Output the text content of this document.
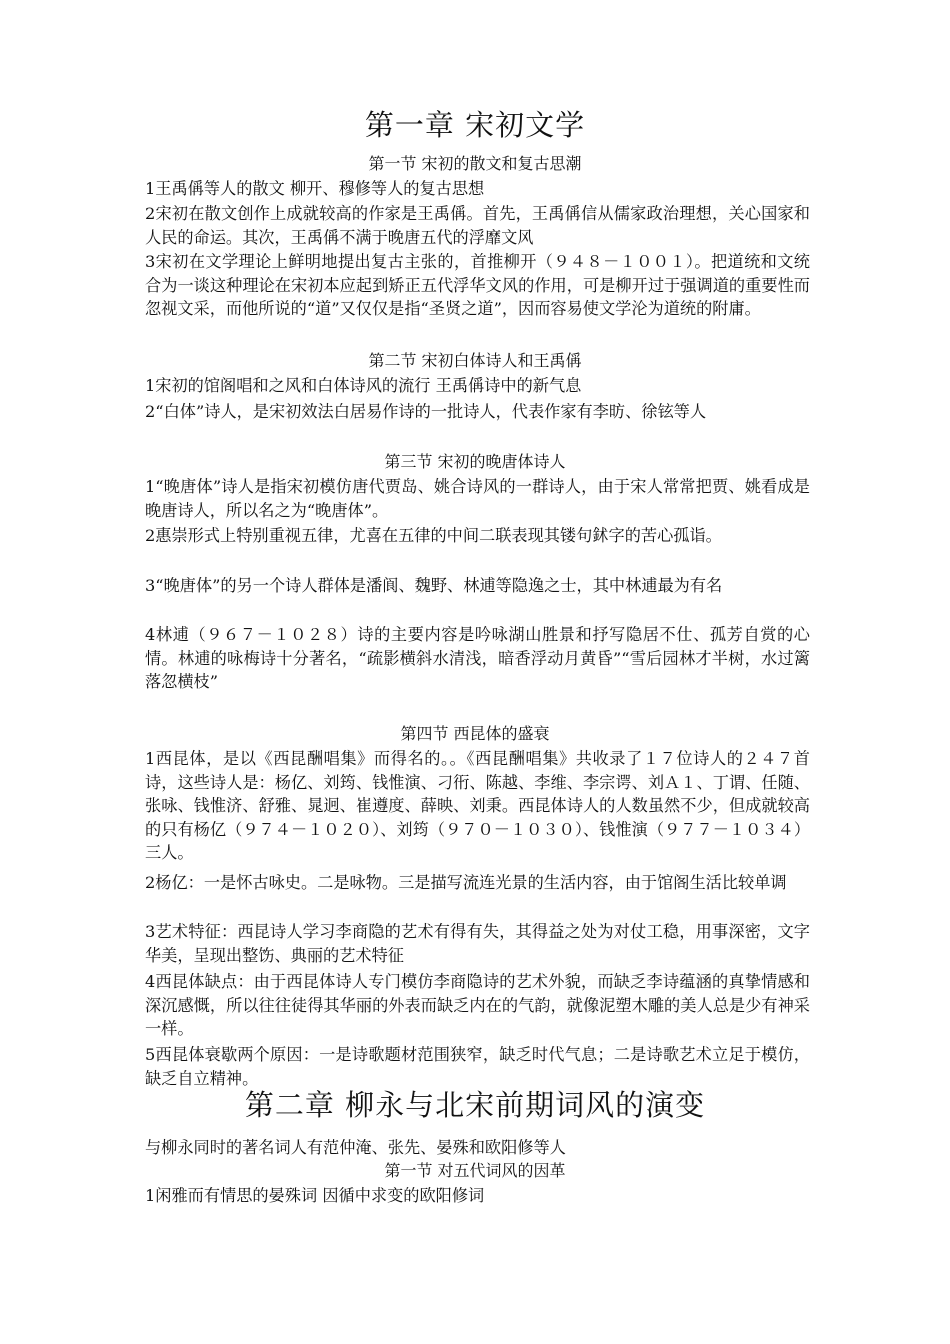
第一章 宋初文学
第一节 宋初的散文和复古思潮
1王禹偁等人的散文 柳开、穆修等人的复古思想
2宋初在散文创作上成就较高的作家是王禹偁。首先，王禹偁信从儒家政治理想，关心国家和人民的命运。其次，王禹偁不满于晚唐五代的浮靡文风
3宋初在文学理论上鲜明地提出复古主张的，首推柳开（９４８－１００１）。把道统和文统合为一谈这种理论在宋初本应起到矫正五代浮华文风的作用，可是柳开过于强调道的重要性而忽视文采，而他所说的“道”又仅仅是指“圣贤之道”，因而容易使文学沦为道统的附庸。
第二节 宋初白体诗人和王禹偁
1宋初的馆阁唱和之风和白体诗风的流行 王禹偁诗中的新气息
2“白体”诗人，是宋初效法白居易作诗的一批诗人，代表作家有李昉、徐铉等人
第三节 宋初的晚唐体诗人
1“晚唐体”诗人是指宋初模仿唐代贾岛、姚合诗风的一群诗人，由于宋人常常把贾、姚看成是晚唐诗人，所以名之为“晚唐体”。
2惠崇形式上特别重视五律，尤喜在五律的中间二联表现其镂句鉥字的苦心孤诣。
3“晚唐体”的另一个诗人群体是潘阆、魏野、林逋等隐逸之士，其中林逋最为有名
4林逋（９６７－１０２８）诗的主要内容是吟咏湖山胜景和抒写隐居不仕、孤芳自赏的心情。林逋的咏梅诗十分著名，“疏影横斜水清浅，暗香浮动月黄昏”“雪后园林才半树，水过篱落忽横枝”
第四节 西昆体的盛衰
1西昆体，是以《西昆酬唱集》而得名的。。《西昆酬唱集》共收录了１７位诗人的２４７首诗，这些诗人是：杨亿、刘筠、钱惟演、刁衎、陈越、李维、李宗谔、刘Ａ１、丁谓、任随、张咏、钱惟济、舒雅、晁迥、崔遵度、薛映、刘秉。西昆体诗人的人数虽然不少，但成就较高的只有杨亿（９７４－１０２０）、刘筠（９７０－１０３０）、钱惟演（９７７－１０３４）三人。
2杨亿：一是怀古咏史。二是咏物。三是描写流连光景的生活内容，由于馆阁生活比较单调
3艺术特征：西昆诗人学习李商隐的艺术有得有失，其得益之处为对仗工稳，用事深密，文字华美，呈现出整饬、典丽的艺术特征
4西昆体缺点：由于西昆体诗人专门模仿李商隐诗的艺术外貌，而缺乏李诗蕴涵的真挚情感和深沉感慨，所以往往徒得其华丽的外表而缺乏内在的气韵，就像泥塑木雕的美人总是少有神采一样。
5西昆体衰歇两个原因：一是诗歌题材范围狭窄，缺乏时代气息；二是诗歌艺术立足于模仿，缺乏自立精神。
第二章 柳永与北宋前期词风的演变
与柳永同时的著名词人有范仲淹、张先、晏殊和欧阳修等人
第一节 对五代词风的因革
1闲雅而有情思的晏殊词 因循中求变的欧阳修词
